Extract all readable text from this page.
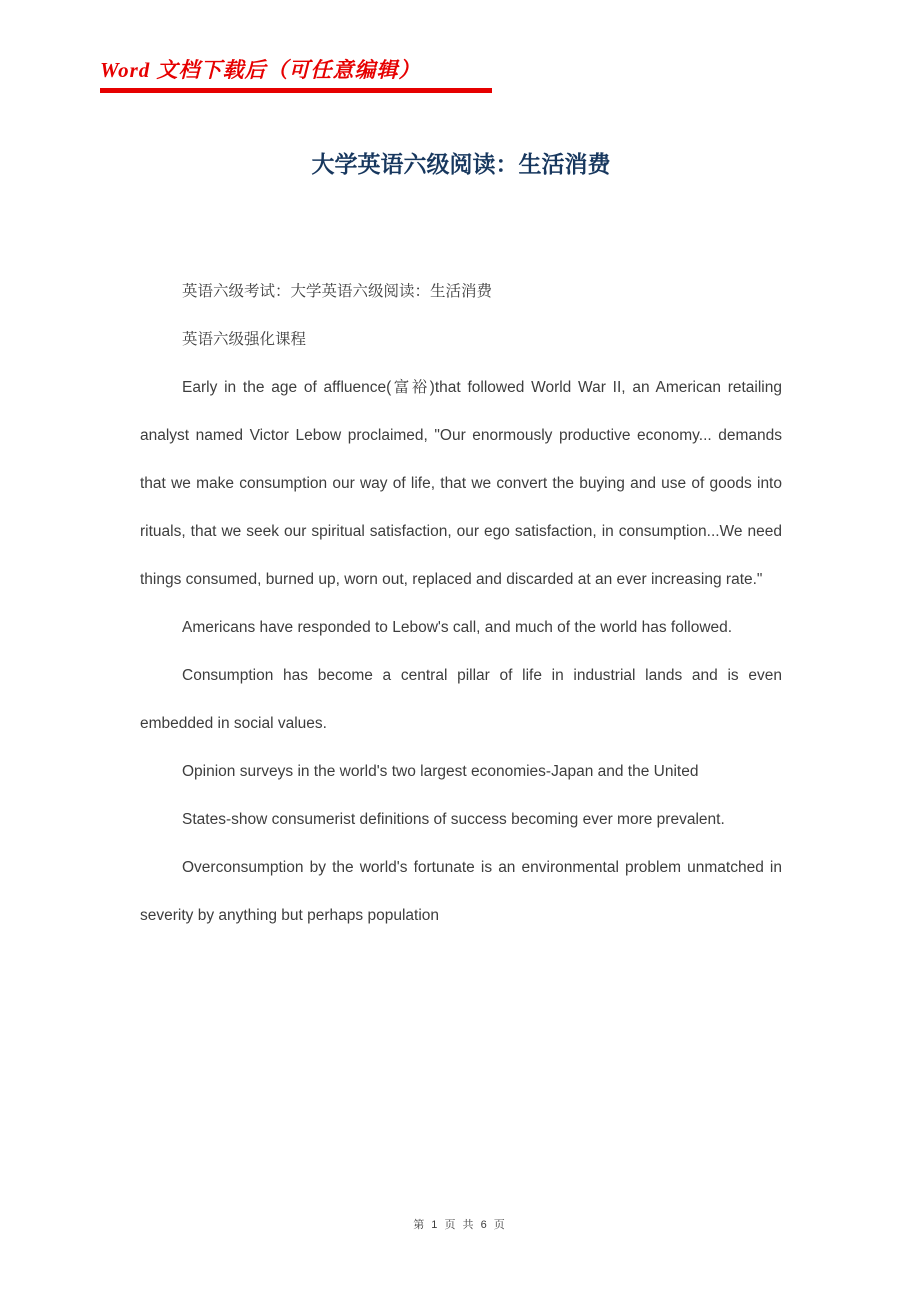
Word 文档下载后（可任意编辑）
大学英语六级阅读：生活消费

英语六级考试：大学英语六级阅读：生活消费

英语六级强化课程

Early in the age of affluence(富裕)that followed World War II, an American retailing analyst named Victor Lebow proclaimed, "Our enormously productive economy... demands that we make consumption our way of life, that we convert the buying and use of goods into rituals, that we seek our spiritual satisfaction, our ego satisfaction, in consumption...We need things consumed, burned up, worn out, replaced and discarded at an ever increasing rate."

Americans have responded to Lebow's call, and much of the world has followed.

Consumption has become a central pillar of life in industrial lands and is even embedded in social values.

Opinion surveys in the world's two largest economies-Japan and the United

States-show consumerist definitions of success becoming ever more prevalent.

Overconsumption by the world's fortunate is an environmental problem unmatched in severity by anything but perhaps population

第 1 页 共 6 页
